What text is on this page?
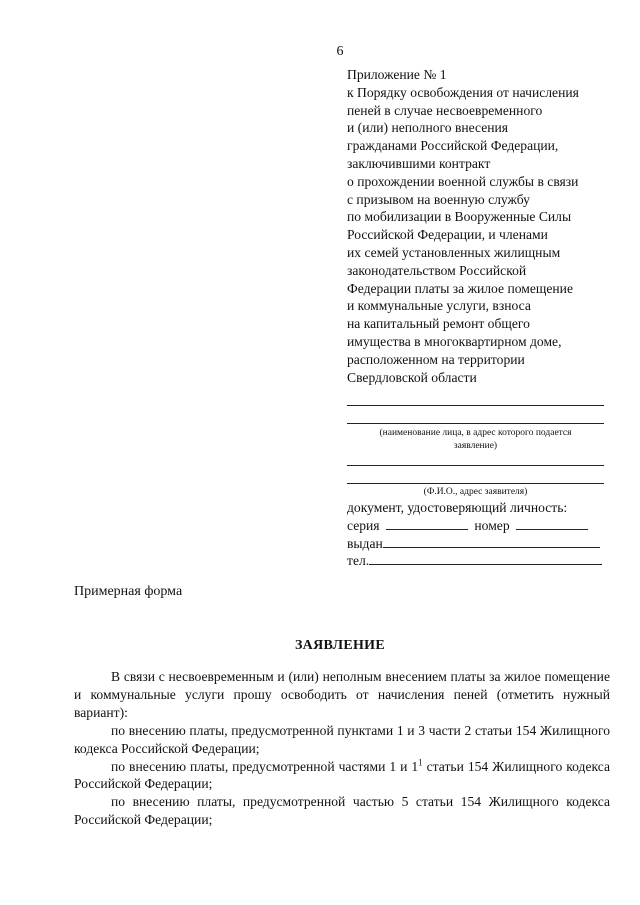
6
Приложение № 1
к Порядку освобождения от начисления
пеней в случае несвоевременного
и (или) неполного внесения
гражданами Российской Федерации,
заключившими контракт
о прохождении военной службы в связи
с призывом на военную службу
по мобилизации в Вооруженные Силы
Российской Федерации, и членами
их семей установленных жилищным
законодательством Российской
Федерации платы за жилое помещение
и коммунальные услуги, взноса
на капитальный ремонт общего
имущества в многоквартирном доме,
расположенном на территории
Свердловской области
(наименование лица, в адрес которого подается
заявление)
(Ф.И.О., адрес заявителя)
документ, удостоверяющий личность:
серия	номер
выдан
тел.
Примерная форма
ЗАЯВЛЕНИЕ

В связи с несвоевременным и (или) неполным внесением платы за жилое помещение и коммунальные услуги прошу освободить от начисления пеней (отметить нужный вариант):

по внесению платы, предусмотренной пунктами 1 и 3 части 2 статьи 154 Жилищного кодекса Российской Федерации;

по внесению платы, предусмотренной частями 1 и $1^1$ статьи 154 Жилищного кодекса Российской Федерации;

по внесению платы, предусмотренной частью 5 статьи 154 Жилищного кодекса Российской Федерации;
